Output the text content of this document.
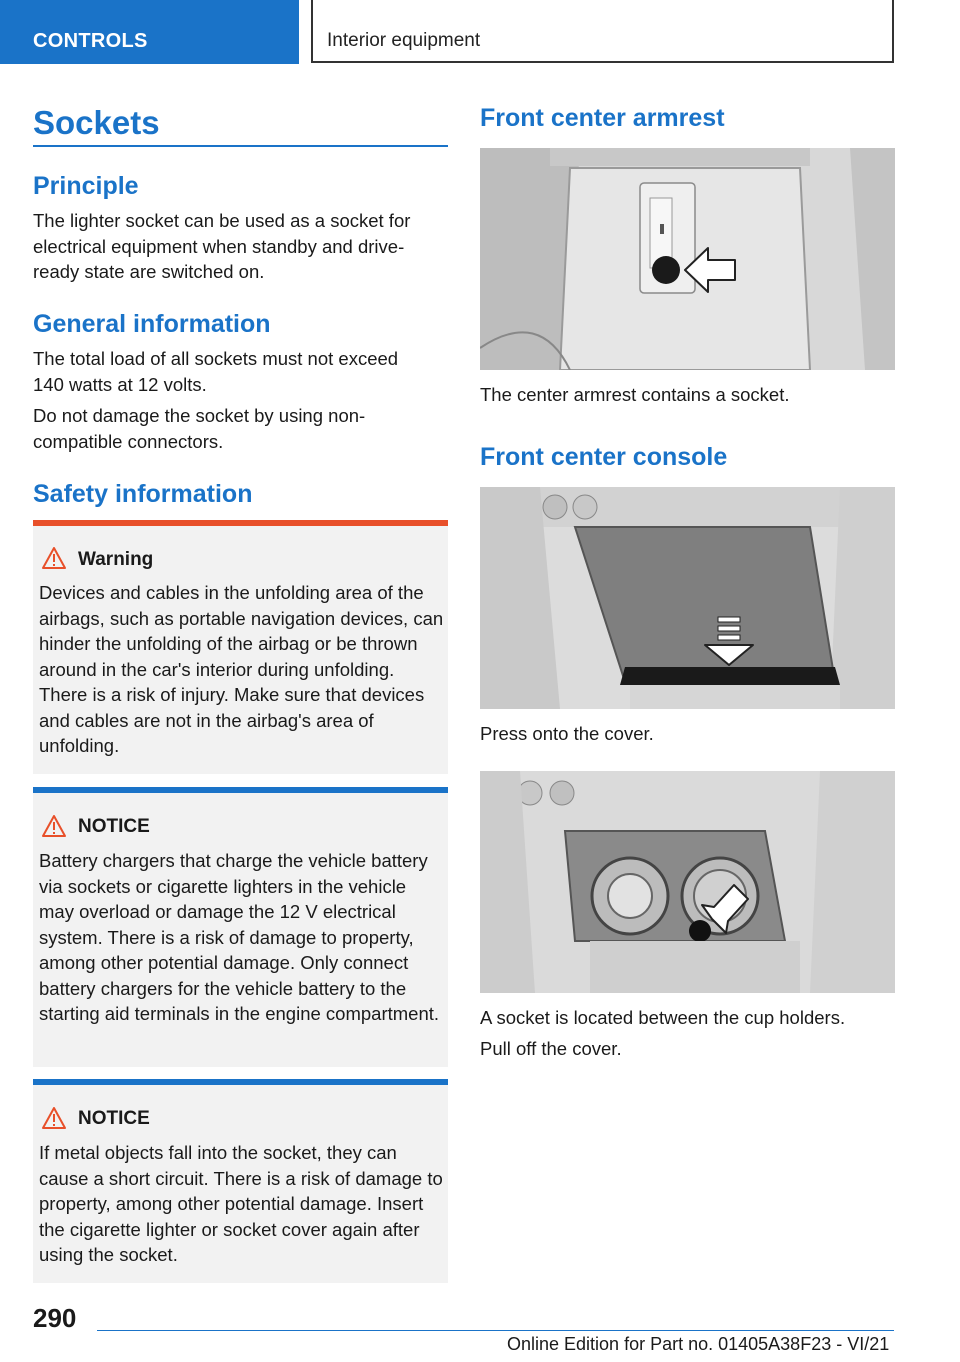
CONTROLS	Interior equipment
Sockets
Principle
The lighter socket can be used as a socket for electrical equipment when standby and drive-ready state are switched on.
General information
The total load of all sockets must not exceed 140 watts at 12 volts.
Do not damage the socket by using non-compatible connectors.
Safety information
Warning
Devices and cables in the unfolding area of the airbags, such as portable navigation devices, can hinder the unfolding of the airbag or be thrown around in the car's interior during unfolding. There is a risk of injury. Make sure that devices and cables are not in the airbag's area of unfolding.
NOTICE
Battery chargers that charge the vehicle battery via sockets or cigarette lighters in the vehicle may overload or damage the 12 V electrical system. There is a risk of damage to property, among other potential damage. Only connect battery chargers for the vehicle battery to the starting aid terminals in the engine compartment.
NOTICE
If metal objects fall into the socket, they can cause a short circuit. There is a risk of damage to property, among other potential damage. Insert the cigarette lighter or socket cover again after using the socket.
Front center armrest
The center armrest contains a socket.
Front center console
Press onto the cover.
A socket is located between the cup holders.
Pull off the cover.
290
Online Edition for Part no. 01405A38F23 - VI/21
